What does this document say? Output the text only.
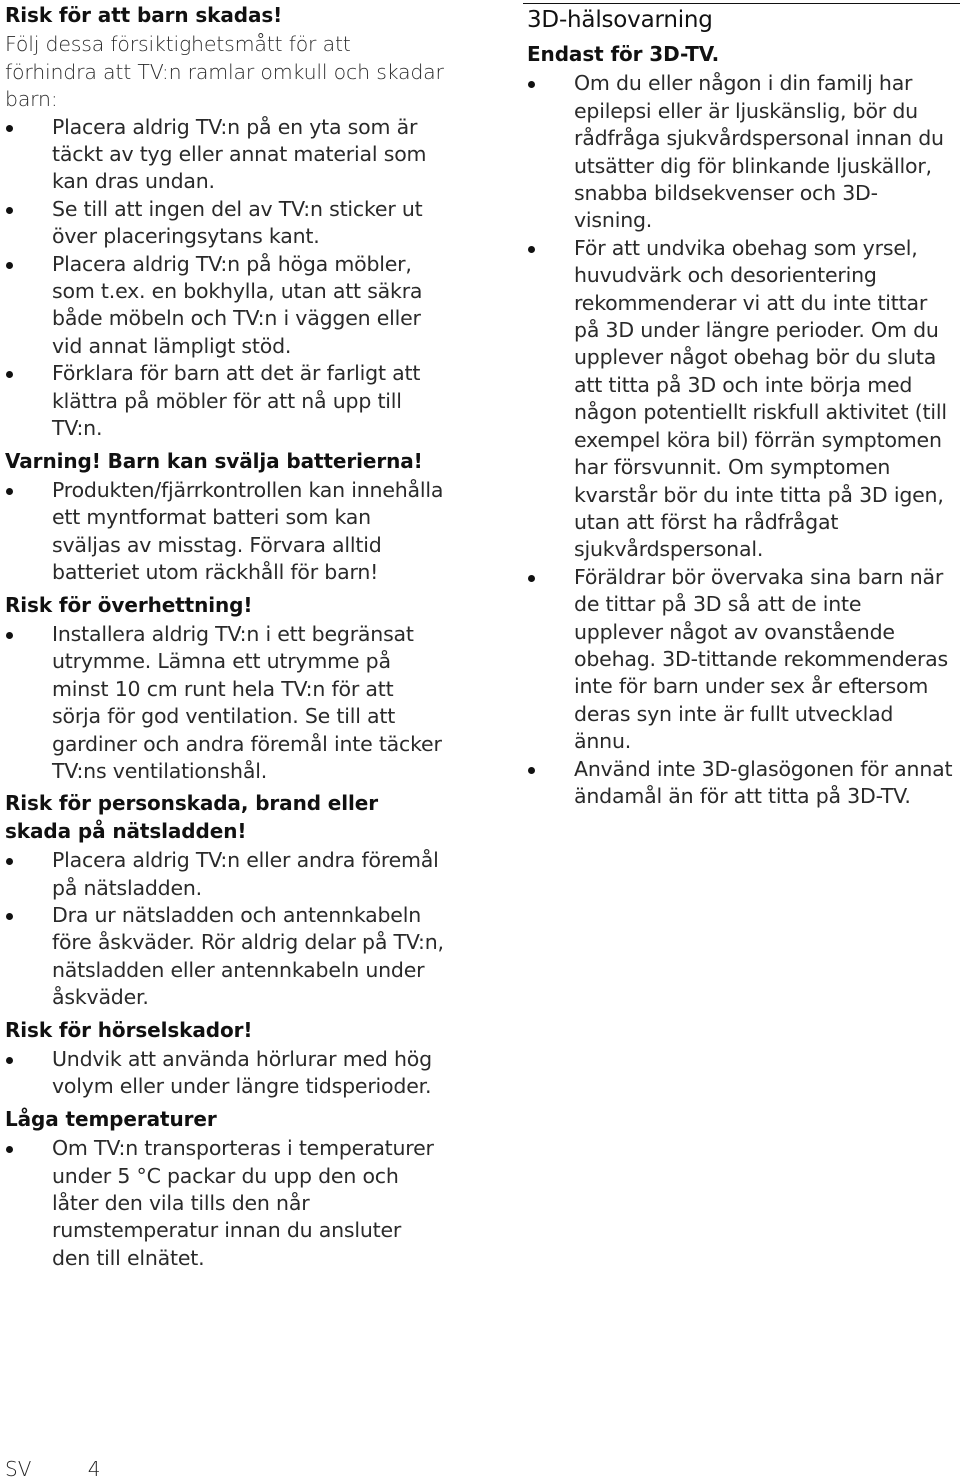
Risk för att barn skadas!

Följ dessa försiktighetsmått för att förhindra att TV:n ramlar omkull och skadar barn:

Placera aldrig TV:n på en yta som är täckt av tyg eller annat material som kan dras undan.
Se till att ingen del av TV:n sticker ut över placeringsytans kant.
Placera aldrig TV:n på höga möbler, som t.ex. en bokhylla, utan att säkra både möbeln och TV:n i väggen eller vid annat lämpligt stöd.
Förklara för barn att det är farligt att klättra på möbler för att nå upp till TV:n.

Varning! Barn kan svälja batterierna!

Produkten/fjärrkontrollen kan innehålla ett myntformat batteri som kan sväljas av misstag. Förvara alltid batteriet utom räckhåll för barn!

Risk för överhettning!

Installera aldrig TV:n i ett begränsat utrymme. Lämna ett utrymme på minst 10 cm runt hela TV:n för att sörja för god ventilation. Se till att gardiner och andra föremål inte täcker TV:ns ventilationshål.

Risk för personskada, brand eller skada på nätsladden!

Placera aldrig TV:n eller andra föremål på nätsladden.
Dra ur nätsladden och antennkabeln före åskväder. Rör aldrig delar på TV:n, nätsladden eller antennkabeln under åskväder.

Risk för hörselskador!

Undvik att använda hörlurar med hög volym eller under längre tidsperioder.

Låga temperaturer

Om TV:n transporteras i temperaturer under 5 °C packar du upp den och låter den vila tills den når rumstemperatur innan du ansluter den till elnätet.

3D-hälsovarning

Endast för 3D-TV.

Om du eller någon i din familj har epilepsi eller är ljuskänslig, bör du rådfråga sjukvårdspersonal innan du utsätter dig för blinkande ljuskällor, snabba bildsekvenser och 3D-visning.
För att undvika obehag som yrsel, huvudvärk och desorientering rekommenderar vi att du inte tittar på 3D under längre perioder. Om du upplever något obehag bör du sluta att titta på 3D och inte börja med någon potentiellt riskfull aktivitet (till exempel köra bil) förrän symptomen har försvunnit. Om symptomen kvarstår bör du inte titta på 3D igen, utan att först ha rådfrågat sjukvårdspersonal.
Föräldrar bör övervaka sina barn när de tittar på 3D så att de inte upplever något av ovanstående obehag. 3D-tittande rekommenderas inte för barn under sex år eftersom deras syn inte är fullt utvecklad ännu.
Använd inte 3D-glasögonen för annat ändamål än för att titta på 3D-TV.
SV	4
